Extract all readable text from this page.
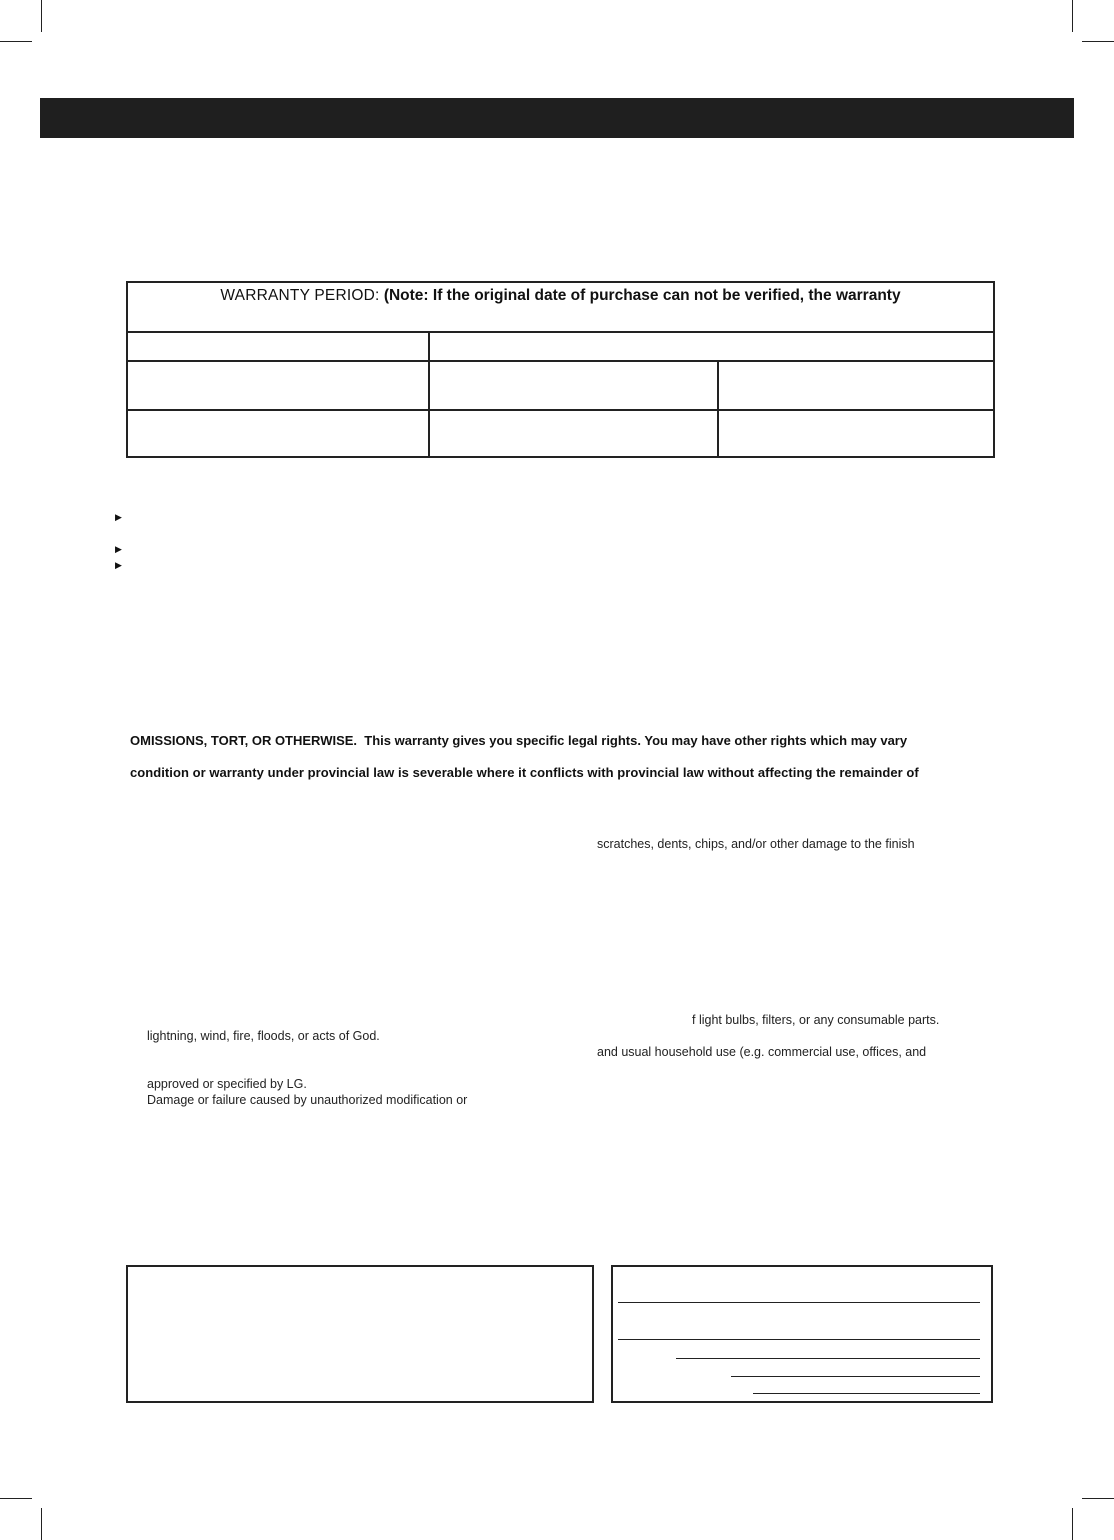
WARRANTY PERIOD: (Note: If the original date of purchase can not be verified, the warranty
▶
▶
▶
OMISSIONS, TORT, OR OTHERWISE. This warranty gives you specific legal rights. You may have other rights which may vary
condition or warranty under provincial law is severable where it conflicts with provincial law without affecting the remainder of
scratches, dents, chips, and/or other damage to the finish
f light bulbs, filters, or any consumable parts.
lightning, wind, fire, floods, or acts of God.
and usual household use (e.g. commercial use, offices, and
approved or specified by LG.
Damage or failure caused by unauthorized modification or
